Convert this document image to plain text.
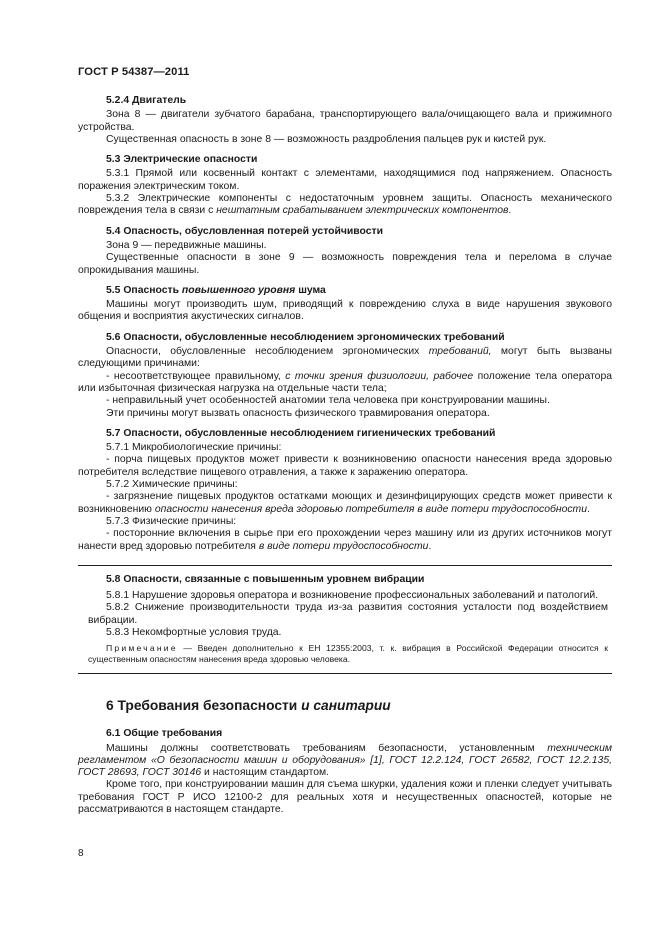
ГОСТ Р 54387—2011

5.2.4 Двигатель

Зона 8 — двигатели зубчатого барабана, транспортирующего вала/очищающего вала и прижимного устройства.

Существенная опасность в зоне 8 — возможность раздробления пальцев рук и кистей рук.

5.3 Электрические опасности

5.3.1 Прямой или косвенный контакт с элементами, находящимися под напряжением. Опасность поражения электрическим током.

5.3.2 Электрические компоненты с недостаточным уровнем защиты. Опасность механического повреждения тела в связи с нештатным срабатыванием электрических компонентов.

5.4 Опасность, обусловленная потерей устойчивости

Зона 9 — передвижные машины.

Существенные опасности в зоне 9 — возможность повреждения тела и перелома в случае опрокидывания машины.

5.5 Опасность повышенного уровня шума

Машины могут производить шум, приводящий к повреждению слуха в виде нарушения звукового общения и восприятия акустических сигналов.

5.6 Опасности, обусловленные несоблюдением эргономических требований

Опасности, обусловленные несоблюдением эргономических требований, могут быть вызваны следующими причинами:

- несоответствующее правильному, с точки зрения физиологии, рабочее положение тела оператора или избыточная физическая нагрузка на отдельные части тела;

- неправильный учет особенностей анатомии тела человека при конструировании машины.

Эти причины могут вызвать опасность физического травмирования оператора.

5.7 Опасности, обусловленные несоблюдением гигиенических требований

5.7.1 Микробиологические причины:

- порча пищевых продуктов может привести к возникновению опасности нанесения вреда здоровью потребителя вследствие пищевого отравления, а также к заражению оператора.

5.7.2 Химические причины:

- загрязнение пищевых продуктов остатками моющих и дезинфицирующих средств может привести к возникновению опасности нанесения вреда здоровью потребителя в виде потери трудоспособности.

5.7.3 Физические причины:

- посторонние включения в сырье при его прохождении через машину или из других источников могут нанести вред здоровью потребителя в виде потери трудоспособности.

5.8 Опасности, связанные с повышенным уровнем вибрации

5.8.1 Нарушение здоровья оператора и возникновение профессиональных заболеваний и патологий.

5.8.2 Снижение производительности труда из-за развития состояния усталости под воздействием вибрации.

5.8.3 Некомфортные условия труда.

Примечание — Введен дополнительно к ЕН 12355:2003, т. к. вибрация в Российской Федерации относится к существенным опасностям нанесения вреда здоровью человека.

6 Требования безопасности и санитарии

6.1 Общие требования

Машины должны соответствовать требованиям безопасности, установленным техническим регламентом «О безопасности машин и оборудования» [1], ГОСТ 12.2.124, ГОСТ 26582, ГОСТ 12.2.135, ГОСТ 28693, ГОСТ 30146 и настоящим стандартом.

Кроме того, при конструировании машин для съема шкурки, удаления кожи и пленки следует учитывать требования ГОСТ Р ИСО 12100-2 для реальных хотя и несущественных опасностей, которые не рассматриваются в настоящем стандарте.

8
